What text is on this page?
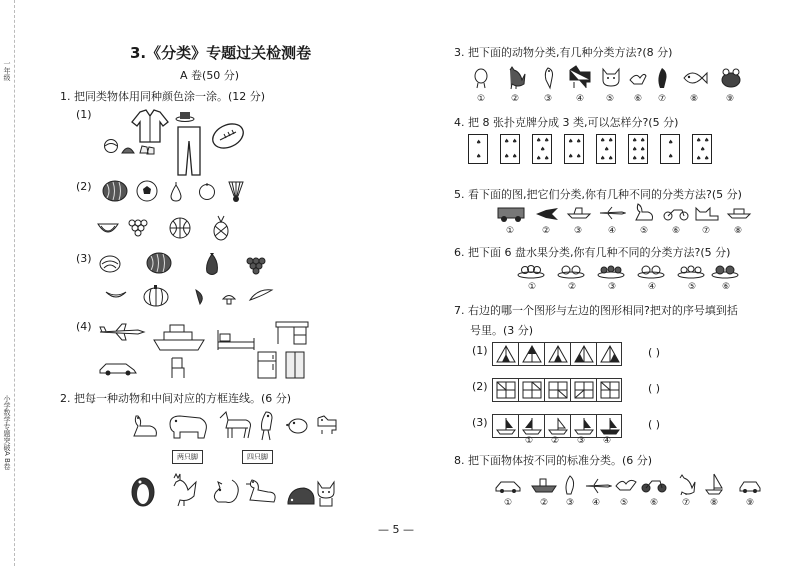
一年级
小学数学专题突破A B卷
3.《分类》专题过关检测卷
A 卷(50 分)
1. 把同类物体用同种颜色涂一涂。(12 分)
(1)
(2)
(3)
(4)
2. 把每一种动物和中间对应的方框连线。(6 分)
两只脚	四只脚
3. 把下面的动物分类,有几种分类方法?(8 分)
①	②	③	④ ⑤ ⑥ ⑦	⑧	⑨
4. 把 8 张扑克牌分成 3 类,可以怎样分?(5 分)
♠
♠
♠ ♠
♠ ♠
♠ ♠
♠
♠ ♠
♠ ♠
♠ ♠
♠ ♠
♠
♠ ♠
♠ ♠
♠ ♠
♠ ♠
♠
♠
♠ ♠
♠
♠ ♠
5. 看下面的图,把它们分类,你有几种不同的分类方法?(5 分)
①	②	③	④	⑤	⑥ ⑦	⑧
6. 把下面 6 盘水果分类,你有几种不同的分类方法?(5 分)
①	②	③	④	⑤	⑥
7. 右边的哪一个图形与左边的图形相同?把对的序号填到括
号里。(3 分)
(1)	( )
(2)	( )
(3)	( )
① ② ③ ④
8. 把下面物体按不同的标准分类。(6 分)
①	② ③ ④ ⑤ ⑥	⑦ ⑧	⑨
— 5 —
